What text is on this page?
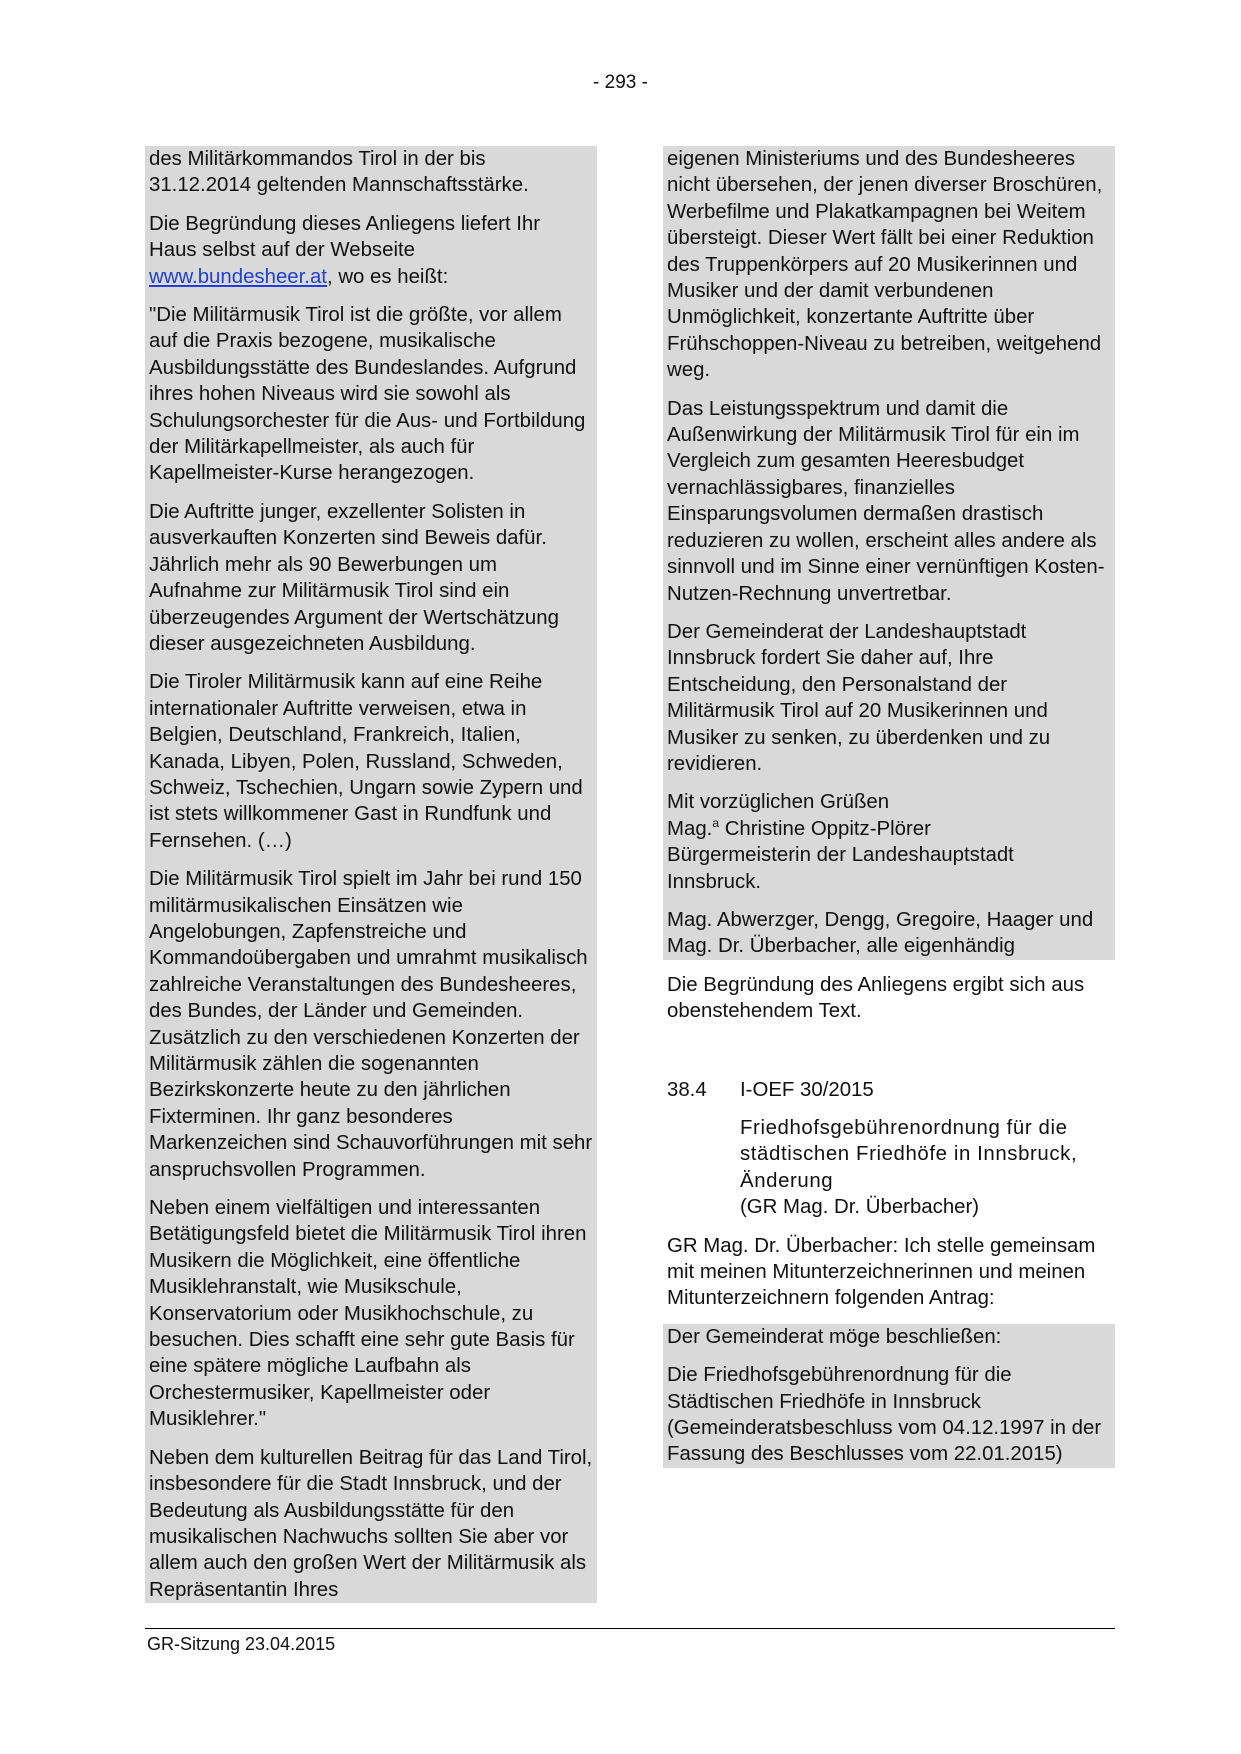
- 293 -

des Militärkommandos Tirol in der bis 31.12.2014 geltenden Mannschaftsstärke.

Die Begründung dieses Anliegens liefert Ihr Haus selbst auf der Webseite
www.bundesheer.at, wo es heißt:

"Die Militärmusik Tirol ist die größte, vor allem auf die Praxis bezogene, musikalische Ausbildungsstätte des Bundeslandes. Aufgrund ihres hohen Niveaus wird sie sowohl als Schulungsorchester für die Aus- und Fortbildung der Militärkapellmeister, als auch für Kapellmeister-Kurse herangezogen.

Die Auftritte junger, exzellenter Solisten in ausverkauften Konzerten sind Beweis dafür. Jährlich mehr als 90 Bewerbungen um Aufnahme zur Militärmusik Tirol sind ein überzeugendes Argument der Wertschätzung dieser ausgezeichneten Ausbildung.

Die Tiroler Militärmusik kann auf eine Reihe internationaler Auftritte verweisen, etwa in Belgien, Deutschland, Frankreich, Italien, Kanada, Libyen, Polen, Russland, Schweden, Schweiz, Tschechien, Ungarn sowie Zypern und ist stets willkommener Gast in Rundfunk und Fernsehen. (…)

Die Militärmusik Tirol spielt im Jahr bei rund 150 militärmusikalischen Einsätzen wie Angelobungen, Zapfenstreiche und Kommandoübergaben und umrahmt musikalisch zahlreiche Veranstaltungen des Bundesheeres, des Bundes, der Länder und Gemeinden. Zusätzlich zu den verschiedenen Konzerten der Militärmusik zählen die sogenannten Bezirkskonzerte heute zu den jährlichen Fixterminen. Ihr ganz besonderes Markenzeichen sind Schauvorführungen mit sehr anspruchsvollen Programmen.

Neben einem vielfältigen und interessanten Betätigungsfeld bietet die Militärmusik Tirol ihren Musikern die Möglichkeit, eine öffentliche Musiklehranstalt, wie Musikschule, Konservatorium oder Musikhochschule, zu besuchen. Dies schafft eine sehr gute Basis für eine spätere mögliche Laufbahn als Orchestermusiker, Kapellmeister oder Musiklehrer."

Neben dem kulturellen Beitrag für das Land Tirol, insbesondere für die Stadt Innsbruck, und der Bedeutung als Ausbildungsstätte für den musikalischen Nachwuchs sollten Sie aber vor allem auch den großen Wert der Militärmusik als Repräsentantin Ihres

eigenen Ministeriums und des Bundesheeres nicht übersehen, der jenen diverser Broschüren, Werbefilme und Plakatkampagnen bei Weitem übersteigt. Dieser Wert fällt bei einer Reduktion des Truppenkörpers auf 20 Musikerinnen und Musiker und der damit verbundenen Unmöglichkeit, konzertante Auftritte über Frühschoppen-Niveau zu betreiben, weitgehend weg.

Das Leistungsspektrum und damit die Außenwirkung der Militärmusik Tirol für ein im Vergleich zum gesamten Heeresbudget vernachlässigbares, finanzielles Einsparungsvolumen dermaßen drastisch reduzieren zu wollen, erscheint alles andere als sinnvoll und im Sinne einer vernünftigen Kosten-Nutzen-Rechnung unvertretbar.

Der Gemeinderat der Landeshauptstadt Innsbruck fordert Sie daher auf, Ihre Entscheidung, den Personalstand der Militärmusik Tirol auf 20 Musikerinnen und Musiker zu senken, zu überdenken und zu revidieren.

Mit vorzüglichen Grüßen
Mag.$^a$ Christine Oppitz-Plörer
Bürgermeisterin der Landeshauptstadt Innsbruck.

Mag. Abwerzger, Dengg, Gregoire, Haager und Mag. Dr. Überbacher, alle eigenhändig

Die Begründung des Anliegens ergibt sich aus obenstehendem Text.

38.4	I-OEF 30/2015
Friedhofsgebührenordnung für die städtischen Friedhöfe in Innsbruck, Änderung
(GR Mag. Dr. Überbacher)

GR Mag. Dr. Überbacher: Ich stelle gemeinsam mit meinen Mitunterzeichnerinnen und meinen Mitunterzeichnern folgenden Antrag:

Der Gemeinderat möge beschließen:

Die Friedhofsgebührenordnung für die Städtischen Friedhöfe in Innsbruck (Gemeinderatsbeschluss vom 04.12.1997 in der Fassung des Beschlusses vom 22.01.2015)

GR-Sitzung 23.04.2015
